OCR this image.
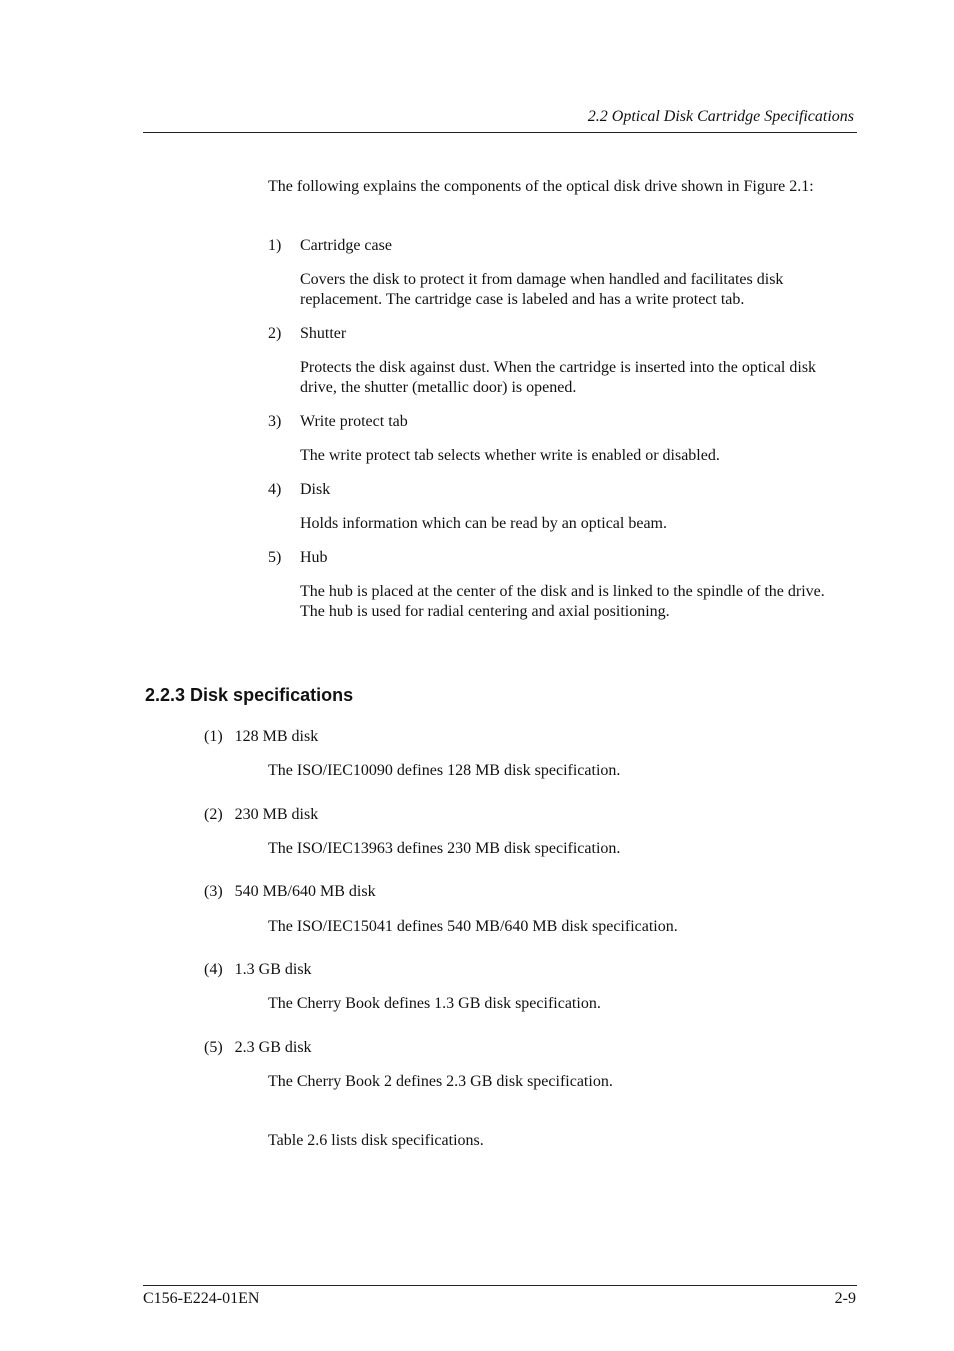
2.2 Optical Disk Cartridge Specifications
The following explains the components of the optical disk drive shown in Figure 2.1:
1) Cartridge case
Covers the disk to protect it from damage when handled and facilitates disk replacement. The cartridge case is labeled and has a write protect tab.
2) Shutter
Protects the disk against dust. When the cartridge is inserted into the optical disk drive, the shutter (metallic door) is opened.
3) Write protect tab
The write protect tab selects whether write is enabled or disabled.
4) Disk
Holds information which can be read by an optical beam.
5) Hub
The hub is placed at the center of the disk and is linked to the spindle of the drive. The hub is used for radial centering and axial positioning.
2.2.3 Disk specifications
(1)   128 MB disk
The ISO/IEC10090 defines 128 MB disk specification.
(2)   230 MB disk
The ISO/IEC13963 defines 230 MB disk specification.
(3)   540 MB/640 MB disk
The ISO/IEC15041 defines 540 MB/640 MB disk specification.
(4)   1.3 GB disk
The Cherry Book defines 1.3 GB disk specification.
(5)   2.3 GB disk
The Cherry Book 2 defines 2.3 GB disk specification.
Table 2.6 lists disk specifications.
C156-E224-01EN	2-9
